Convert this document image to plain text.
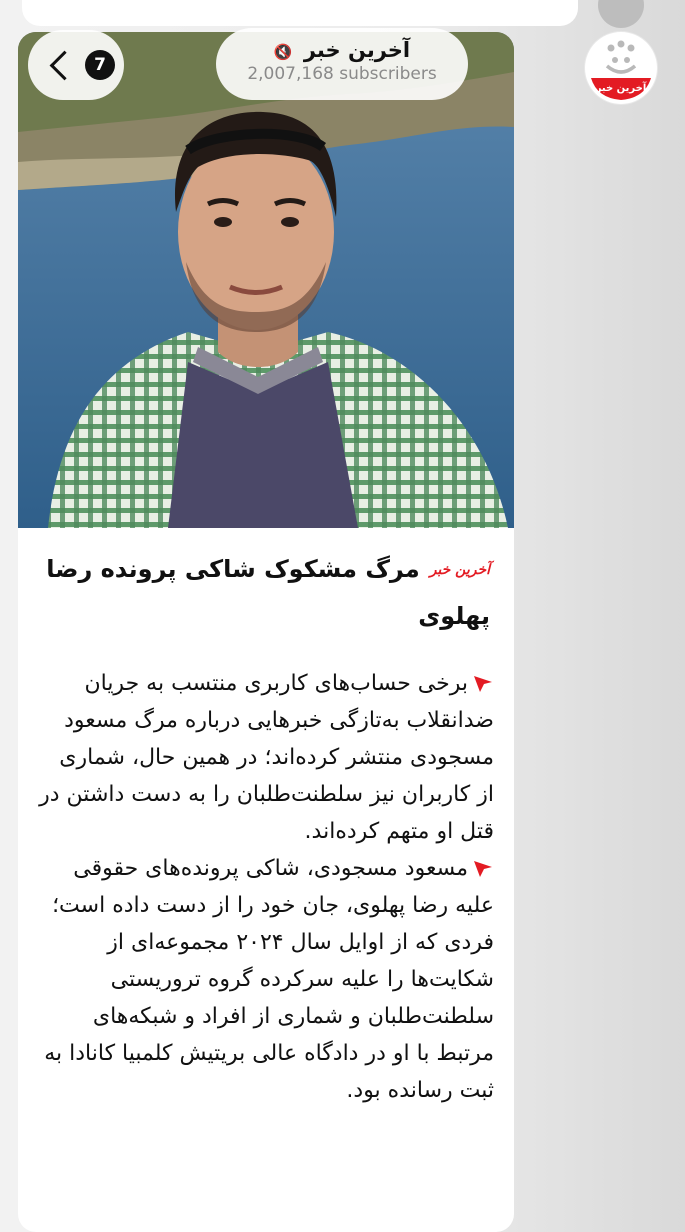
آخرین خبرمرگ مشکوک شاکی پرونده رضا پهلوی
برخی حساب‌های کاربری منتسب به جریان ضدانقلاب به‌تازگی خبرهایی درباره مرگ مسعود مسجودی منتشر کرده‌اند؛ در همین حال، شماری از کاربران نیز سلطنت‌طلبان را به دست داشتن در قتل او متهم کرده‌اند.
مسعود مسجودی، شاکی پرونده‌های حقوقی علیه رضا پهلوی، جان خود را از دست داده است؛ فردی که از اوایل سال ۲۰۲۴ مجموعه‌ای از شکایت‌ها را علیه سرکرده گروه تروریستی سلطنت‌طلبان و شماری از افراد و شبکه‌های مرتبط با او در دادگاه عالی بریتیش کلمبیا کانادا به ثبت رسانده بود.
7
آخرین خبر 🔇
2,007,168 subscribers
آخرین خبر
